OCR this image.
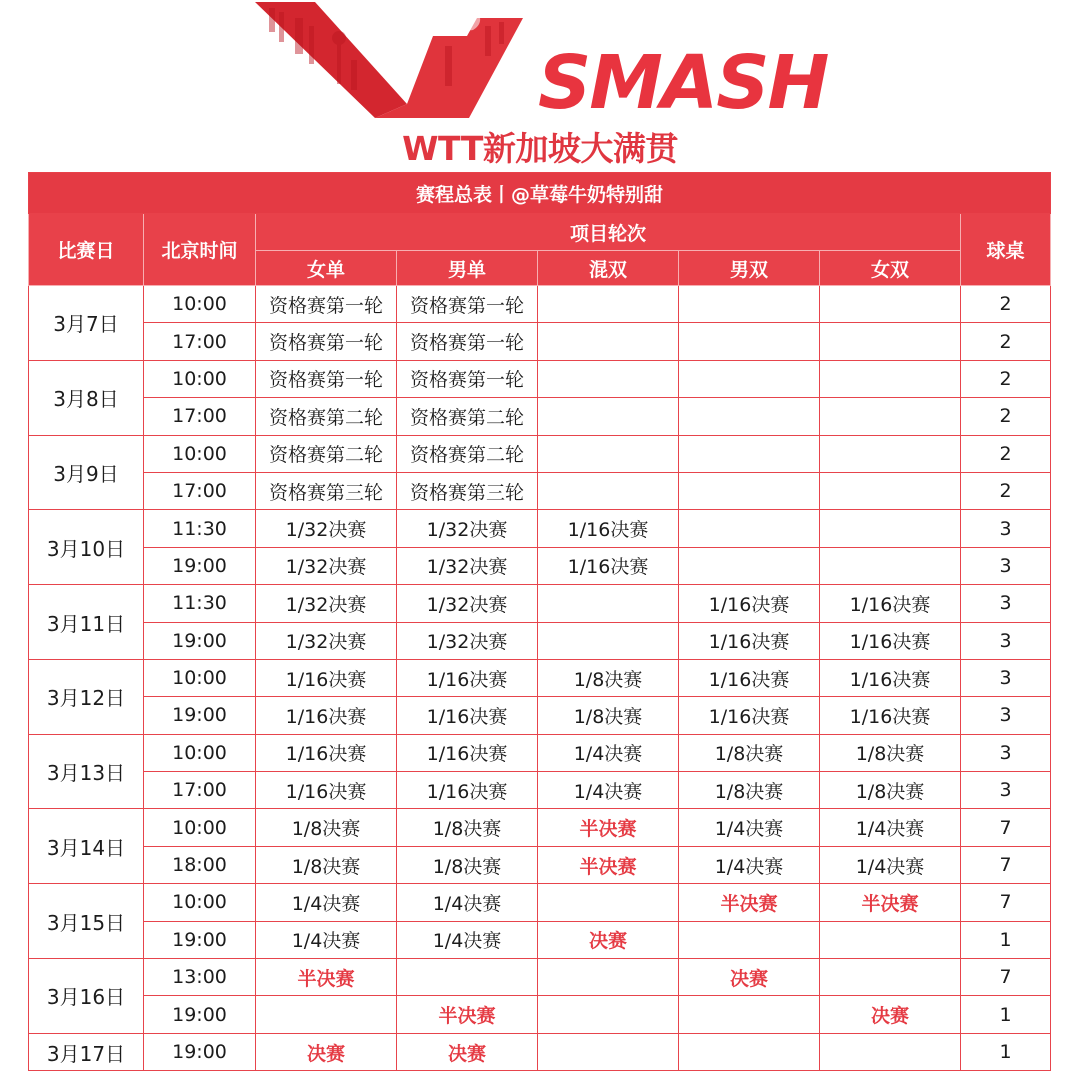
SMASH
WTT新加坡大满贯
赛程总表丨@草莓牛奶特别甜							
比赛日	北京时间	项目轮次					球桌
		女单	男单	混双	男双	女双	
3月7日	10:00	资格赛第一轮	资格赛第一轮				2
	17:00	资格赛第一轮	资格赛第一轮				2
3月8日	10:00	资格赛第一轮	资格赛第一轮				2
	17:00	资格赛第二轮	资格赛第二轮				2
3月9日	10:00	资格赛第二轮	资格赛第二轮				2
	17:00	资格赛第三轮	资格赛第三轮				2
3月10日	11:30	1/32决赛	1/32决赛	1/16决赛			3
	19:00	1/32决赛	1/32决赛	1/16决赛			3
3月11日	11:30	1/32决赛	1/32决赛		1/16决赛	1/16决赛	3
	19:00	1/32决赛	1/32决赛		1/16决赛	1/16决赛	3
3月12日	10:00	1/16决赛	1/16决赛	1/8决赛	1/16决赛	1/16决赛	3
	19:00	1/16决赛	1/16决赛	1/8决赛	1/16决赛	1/16决赛	3
3月13日	10:00	1/16决赛	1/16决赛	1/4决赛	1/8决赛	1/8决赛	3
	17:00	1/16决赛	1/16决赛	1/4决赛	1/8决赛	1/8决赛	3
3月14日	10:00	1/8决赛	1/8决赛	半决赛	1/4决赛	1/4决赛	7
	18:00	1/8决赛	1/8决赛	半决赛	1/4决赛	1/4决赛	7
3月15日	10:00	1/4决赛	1/4决赛		半决赛	半决赛	7
	19:00	1/4决赛	1/4决赛	决赛			1
3月16日	13:00	半决赛			决赛		7
	19:00		半决赛			决赛	1
3月17日	19:00	决赛	决赛				1
